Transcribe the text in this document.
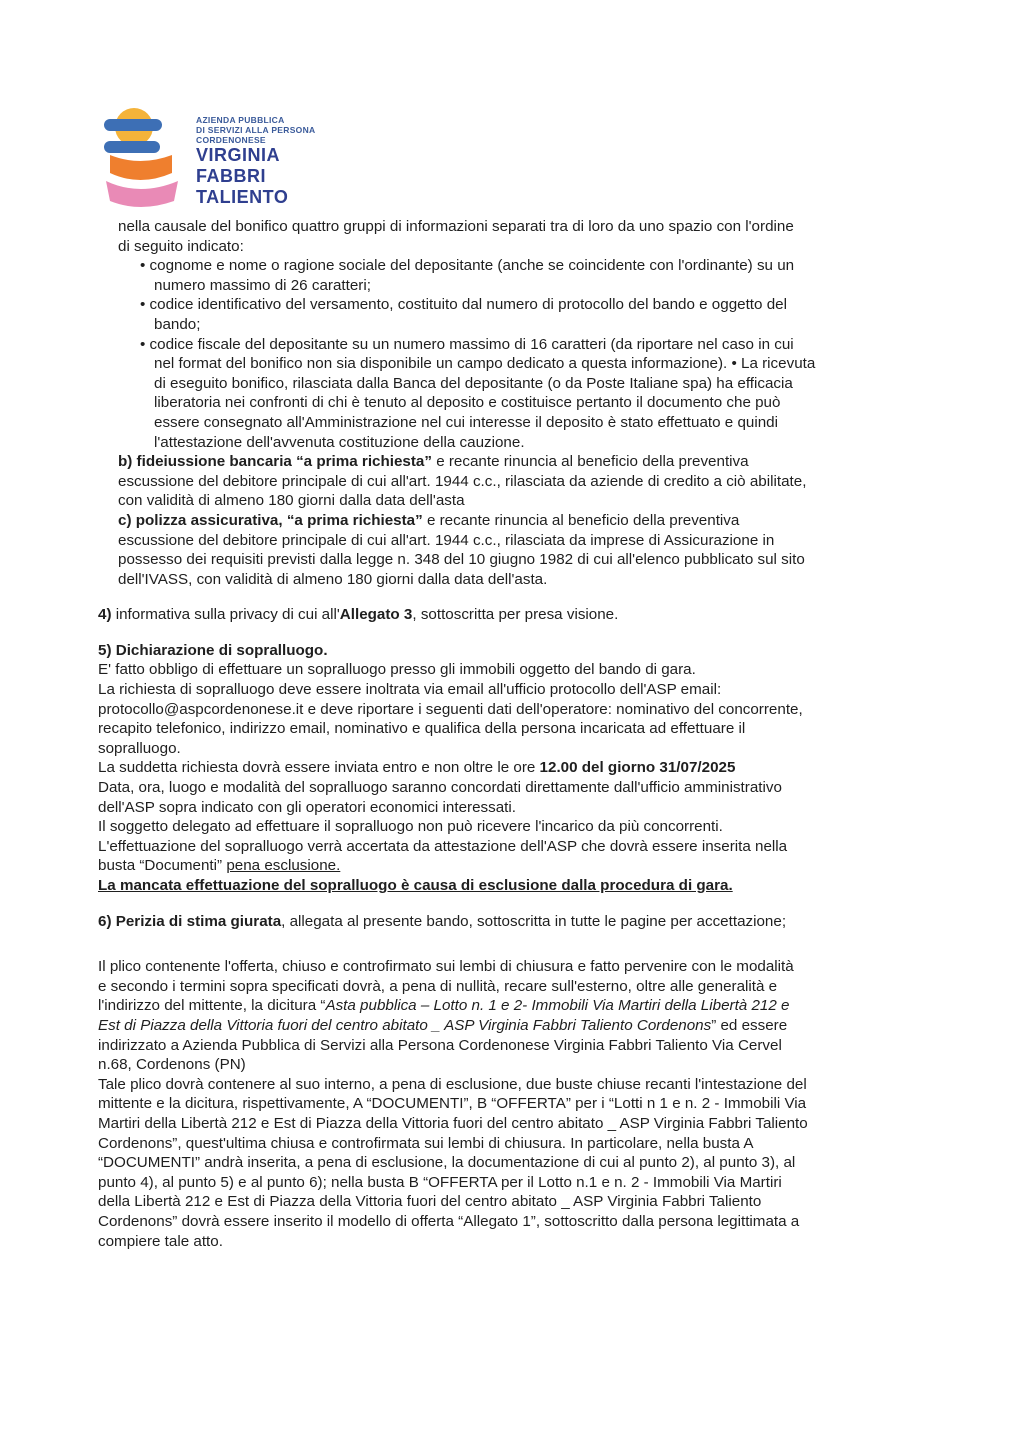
AZIENDA PUBBLICA
DI SERVIZI ALLA PERSONA
CORDENONESE
VIRGINIA
FABBRI
TALIENTO

nella causale del bonifico quattro gruppi di informazioni separati tra di loro da uno spazio con l'ordine

di seguito indicato:

• cognome e nome o ragione sociale del depositante (anche se coincidente con l'ordinante) su un

numero massimo di 26 caratteri;

• codice identificativo del versamento, costituito dal numero di protocollo del bando e oggetto del

bando;

• codice fiscale del depositante su un numero massimo di 16 caratteri (da riportare nel caso in cui

nel format del bonifico non sia disponibile un campo dedicato a questa informazione). • La ricevuta

di eseguito bonifico, rilasciata dalla Banca del depositante (o da Poste Italiane spa) ha efficacia

liberatoria nei confronti di chi è tenuto al deposito e costituisce pertanto il documento che può

essere consegnato all'Amministrazione nel cui interesse il deposito è stato effettuato e quindi

l'attestazione dell'avvenuta costituzione della cauzione.

b) fideiussione bancaria “a prima richiesta” e recante rinuncia al beneficio della preventiva

escussione del debitore principale di cui all'art. 1944 c.c., rilasciata da aziende di credito a ciò abilitate,

con validità di almeno 180 giorni dalla data dell'asta

c) polizza assicurativa, “a prima richiesta” e recante rinuncia al beneficio della preventiva

escussione del debitore principale di cui all'art. 1944 c.c., rilasciata da imprese di Assicurazione in

possesso dei requisiti previsti dalla legge n. 348 del 10 giugno 1982 di cui all'elenco pubblicato sul sito

dell'IVASS, con validità di almeno 180 giorni dalla data dell'asta.

4) informativa sulla privacy di cui all'Allegato 3, sottoscritta per presa visione.

5) Dichiarazione di sopralluogo.

E' fatto obbligo di effettuare un sopralluogo presso gli immobili oggetto del bando di gara.

La richiesta di sopralluogo deve essere inoltrata via email all'ufficio protocollo dell'ASP email:

protocollo@aspcordenonese.it e deve riportare i seguenti dati dell'operatore: nominativo del concorrente,

recapito telefonico, indirizzo email, nominativo e qualifica della persona incaricata ad effettuare il

sopralluogo.

La suddetta richiesta dovrà essere inviata entro e non oltre le ore 12.00 del giorno 31/07/2025

Data, ora, luogo e modalità del sopralluogo saranno concordati direttamente dall'ufficio amministrativo

dell'ASP sopra indicato con gli operatori economici interessati.

Il soggetto delegato ad effettuare il sopralluogo non può ricevere l'incarico da più concorrenti.

L'effettuazione del sopralluogo verrà accertata da attestazione dell'ASP che dovrà essere inserita nella

busta “Documenti” pena esclusione.

La mancata effettuazione del sopralluogo è causa di esclusione dalla procedura di gara.

6) Perizia di stima giurata, allegata al presente bando, sottoscritta in tutte le pagine per accettazione;

Il plico contenente l'offerta, chiuso e controfirmato sui lembi di chiusura e fatto pervenire con le modalità

e secondo i termini sopra specificati dovrà, a pena di nullità, recare sull'esterno, oltre alle generalità e

l'indirizzo del mittente, la dicitura “Asta pubblica – Lotto n. 1 e 2- Immobili Via Martiri della Libertà 212 e

Est di Piazza della Vittoria fuori del centro abitato _ ASP Virginia Fabbri Taliento Cordenons” ed essere

indirizzato a Azienda Pubblica di Servizi alla Persona Cordenonese Virginia Fabbri Taliento Via Cervel

n.68, Cordenons (PN)

Tale plico dovrà contenere al suo interno, a pena di esclusione, due buste chiuse recanti l'intestazione del

mittente e la dicitura, rispettivamente, A “DOCUMENTI”, B “OFFERTA” per i “Lotti n 1 e n. 2 - Immobili Via

Martiri della Libertà 212 e Est di Piazza della Vittoria fuori del centro abitato _ ASP Virginia Fabbri Taliento

Cordenons”, quest'ultima chiusa e controfirmata sui lembi di chiusura. In particolare, nella busta A

“DOCUMENTI” andrà inserita, a pena di esclusione, la documentazione di cui al punto 2), al punto 3), al

punto 4), al punto 5) e al punto 6); nella busta B “OFFERTA per il Lotto n.1 e n. 2 - Immobili Via Martiri

della Libertà 212 e Est di Piazza della Vittoria fuori del centro abitato _ ASP Virginia Fabbri Taliento

Cordenons” dovrà essere inserito il modello di offerta “Allegato 1”, sottoscritto dalla persona legittimata a

compiere tale atto.
